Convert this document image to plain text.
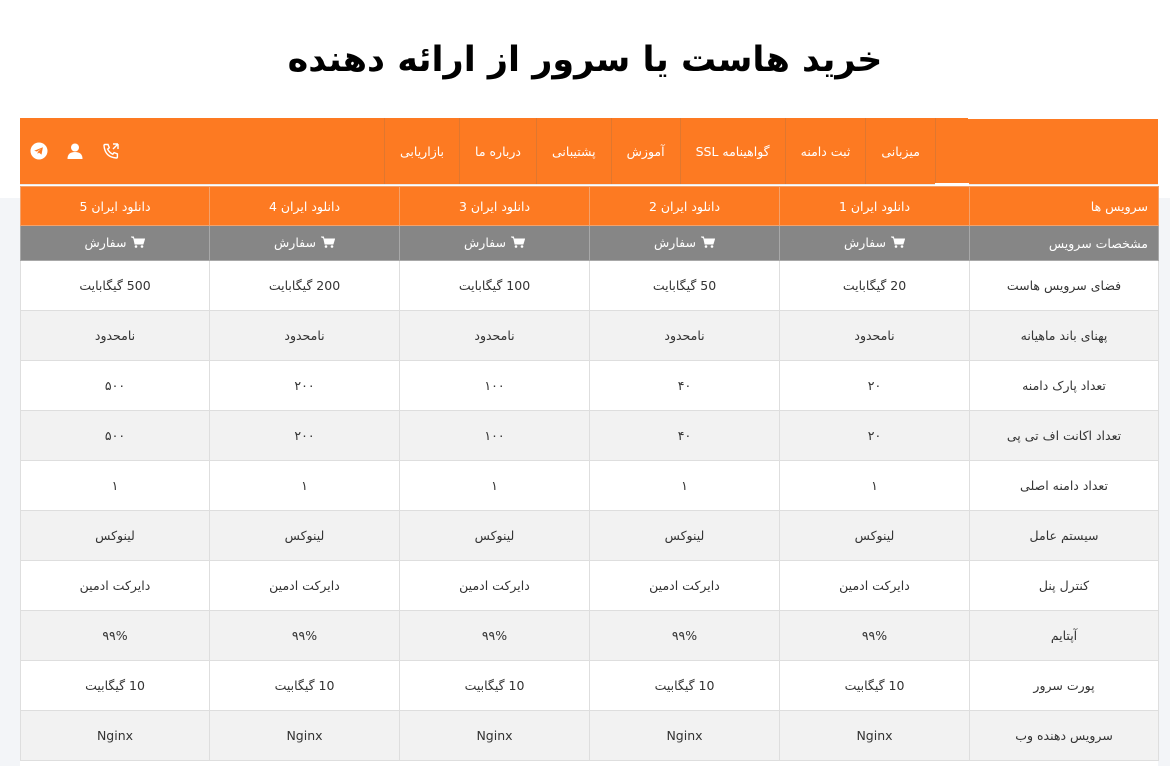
خرید هاست یا سرور از ارائه دهنده
بازاریابی	درباره ما	پشتیبانی	آموزش	گواهینامه SSL	ثبت دامنه	میزبانی
سرویس ها	دانلود ایران 1	دانلود ایران 2	دانلود ایران 3	دانلود ایران 4	دانلود ایران 5
مشخصات سرویس	سفارش	سفارش	سفارش	سفارش	سفارش

فضای سرویس هاست	20 گیگابایت	50 گیگابایت	100 گیگابایت	200 گیگابایت	500 گیگابایت
پهنای باند ماهیانه	نامحدود	نامحدود	نامحدود	نامحدود	نامحدود
تعداد پارک دامنه	۲۰	۴۰	۱۰۰	۲۰۰	۵۰۰
تعداد اکانت اف تی پی	۲۰	۴۰	۱۰۰	۲۰۰	۵۰۰
تعداد دامنه اصلی	۱	۱	۱	۱	۱
سیستم عامل	لینوکس	لینوکس	لینوکس	لینوکس	لینوکس
کنترل پنل	دایرکت ادمین	دایرکت ادمین	دایرکت ادمین	دایرکت ادمین	دایرکت ادمین
آپتایم	۹۹%	۹۹%	۹۹%	۹۹%	۹۹%
پورت سرور	10 گیگابیت	10 گیگابیت	10 گیگابیت	10 گیگابیت	10 گیگابیت
سرویس دهنده وب	Nginx	Nginx	Nginx	Nginx	Nginx
